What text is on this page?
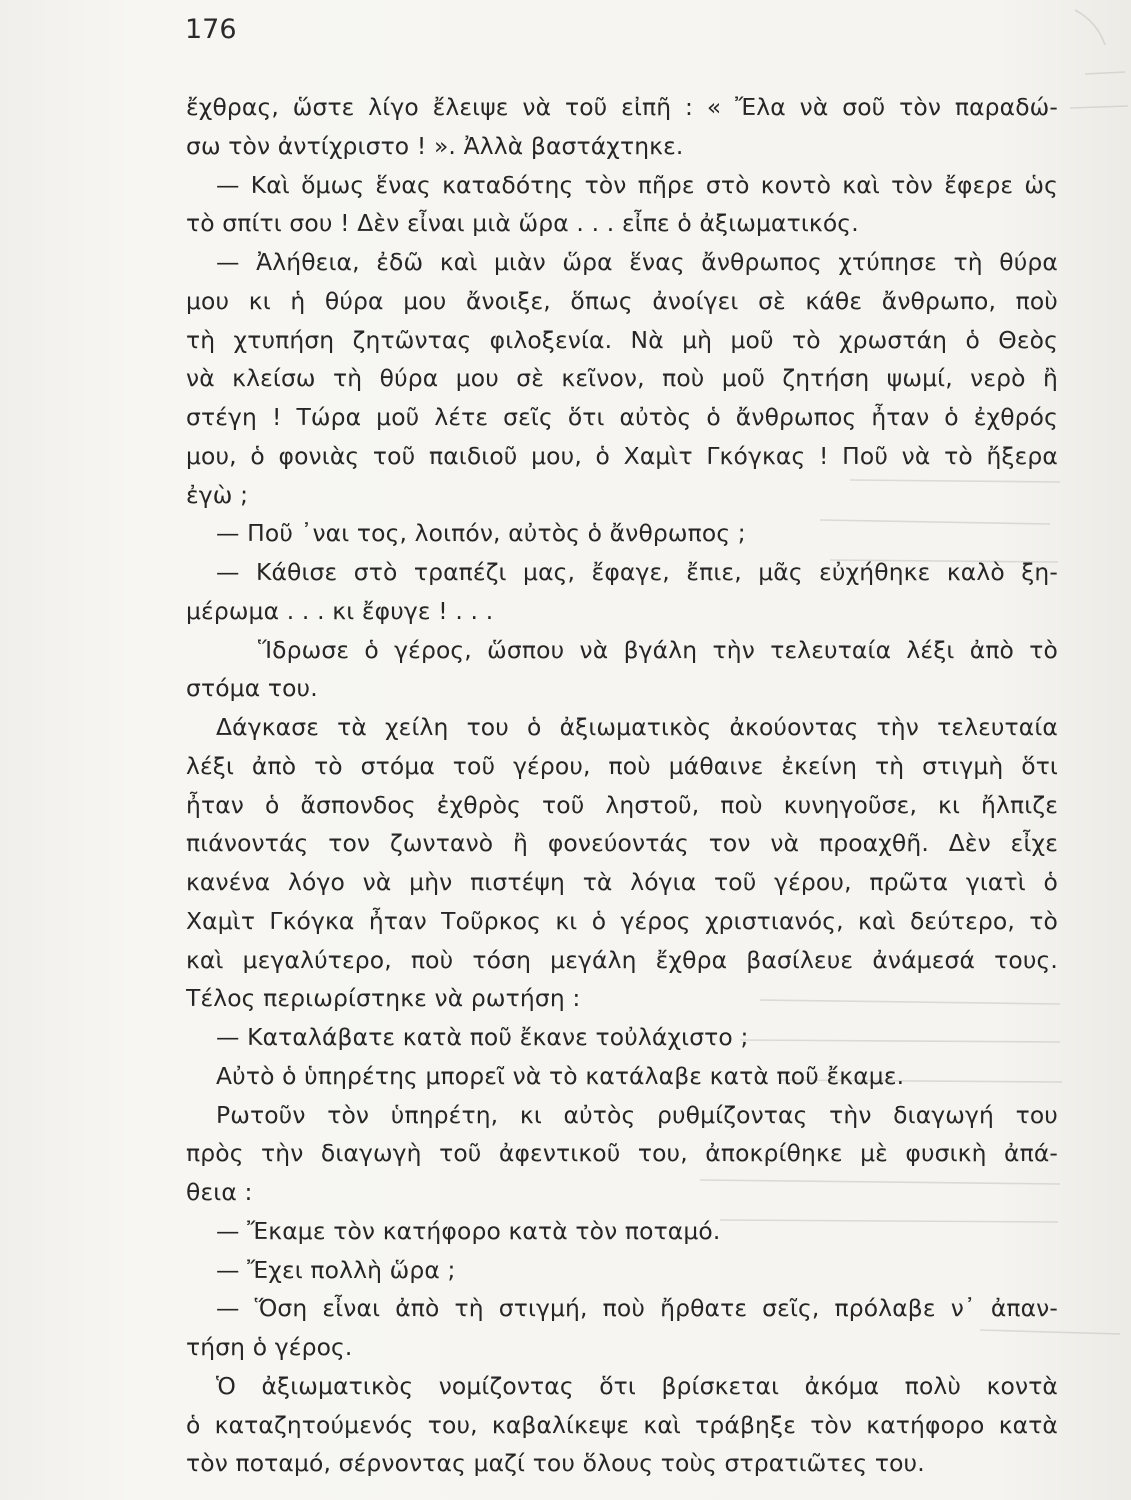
176
ἔχθρας, ὥστε λίγο ἔλειψε νὰ τοῦ εἰπῆ : « Ἔλα νὰ σοῦ τὸν παραδώ-
σω τὸν ἀντίχριστο ! ». Ἀλλὰ βαστάχτηκε.
— Καὶ ὅμως ἕνας καταδότης τὸν πῆρε στὸ κοντὸ καὶ τὸν ἔφερε ὡς
τὸ σπίτι σου ! Δὲν εἶναι μιὰ ὥρα . . . εἶπε ὁ ἀξιωματικός.
— Ἀλήθεια, ἐδῶ καὶ μιὰν ὥρα ἕνας ἄνθρωπος χτύπησε τὴ θύρα
μου κι ἡ θύρα μου ἄνοιξε, ὅπως ἀνοίγει σὲ κάθε ἄνθρωπο, ποὺ
τὴ χτυπήση ζητῶντας φιλοξενία. Νὰ μὴ μοῦ τὸ χρωστάη ὁ Θεὸς
νὰ κλείσω τὴ θύρα μου σὲ κεῖνον, ποὺ μοῦ ζητήση ψωμί, νερὸ ἢ
στέγη ! Τώρα μοῦ λέτε σεῖς ὅτι αὐτὸς ὁ ἄνθρωπος ἦταν ὁ ἐχθρός
μου, ὁ φονιὰς τοῦ παιδιοῦ μου, ὁ Χαμὶτ Γκόγκας ! Ποῦ νὰ τὸ ἤξερα
ἐγὼ ;
— Ποῦ ᾿ναι τος, λοιπόν, αὐτὸς ὁ ἄνθρωπος ;
— Κάθισε στὸ τραπέζι μας, ἔφαγε, ἔπιε, μᾶς εὐχήθηκε καλὸ ξη-
μέρωμα . . . κι ἔφυγε ! . . .
Ἵδρωσε ὁ γέρος, ὥσπου νὰ βγάλη τὴν τελευταία λέξι ἀπὸ τὸ
στόμα του.
Δάγκασε τὰ χείλη του ὁ ἀξιωματικὸς ἀκούοντας τὴν τελευταία
λέξι ἀπὸ τὸ στόμα τοῦ γέρου, ποὺ μάθαινε ἐκείνη τὴ στιγμὴ ὅτι
ἦταν ὁ ἄσπονδος ἐχθρὸς τοῦ ληστοῦ, ποὺ κυνηγοῦσε, κι ἤλπιζε
πιάνοντάς τον ζωντανὸ ἢ φονεύοντάς τον νὰ προαχθῆ. Δὲν εἶχε
κανένα λόγο νὰ μὴν πιστέψη τὰ λόγια τοῦ γέρου, πρῶτα γιατὶ ὁ
Χαμὶτ Γκόγκα ἦταν Τοῦρκος κι ὁ γέρος χριστιανός, καὶ δεύτερο, τὸ
καὶ μεγαλύτερο, ποὺ τόση μεγάλη ἔχθρα βασίλευε ἀνάμεσά τους.
Τέλος περιωρίστηκε νὰ ρωτήση :
— Καταλάβατε κατὰ ποῦ ἔκανε τοὐλάχιστο ;
Αὐτὸ ὁ ὑπηρέτης μπορεῖ νὰ τὸ κατάλαβε κατὰ ποῦ ἔκαμε.
Ρωτοῦν τὸν ὑπηρέτη, κι αὐτὸς ρυθμίζοντας τὴν διαγωγή του
πρὸς τὴν διαγωγὴ τοῦ ἀφεντικοῦ του, ἀποκρίθηκε μὲ φυσικὴ ἀπά-
θεια :
— Ἔκαμε τὸν κατήφορο κατὰ τὸν ποταμό.
— Ἔχει πολλὴ ὥρα ;
— Ὅση εἶναι ἀπὸ τὴ στιγμή, ποὺ ἤρθατε σεῖς, πρόλαβε ν᾿ ἀπαν-
τήση ὁ γέρος.
Ὁ ἀξιωματικὸς νομίζοντας ὅτι βρίσκεται ἀκόμα πολὺ κοντὰ
ὁ καταζητούμενός του, καβαλίκεψε καὶ τράβηξε τὸν κατήφορο κατὰ
τὸν ποταμό, σέρνοντας μαζί του ὅλους τοὺς στρατιῶτες του.
